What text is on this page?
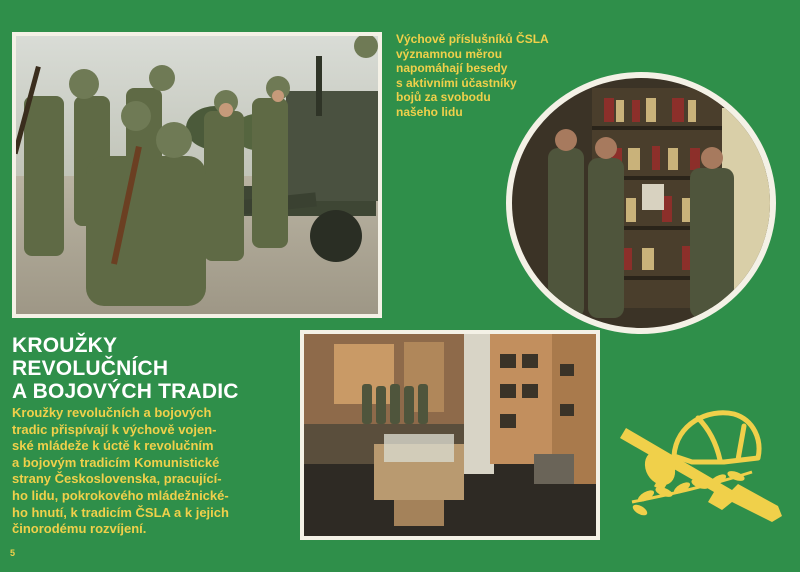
Výchově příslušníků ČSLA
významnou měrou
napomáhají besedy
s aktivními účastníky
bojů za svobodu
našeho lidu
KROUŽKY
REVOLUČNÍCH
A BOJOVÝCH TRADIC
Kroužky revolučních a bojových
tradic přispívají k výchově vojen-
ské mládeže k úctě k revolučním
a bojovým tradicím Komunistické
strany Československa, pracující-
ho lidu, pokrokového mládežnické-
ho hnutí, k tradicím ČSLA a k jejich
činorodému rozvíjení.
5
